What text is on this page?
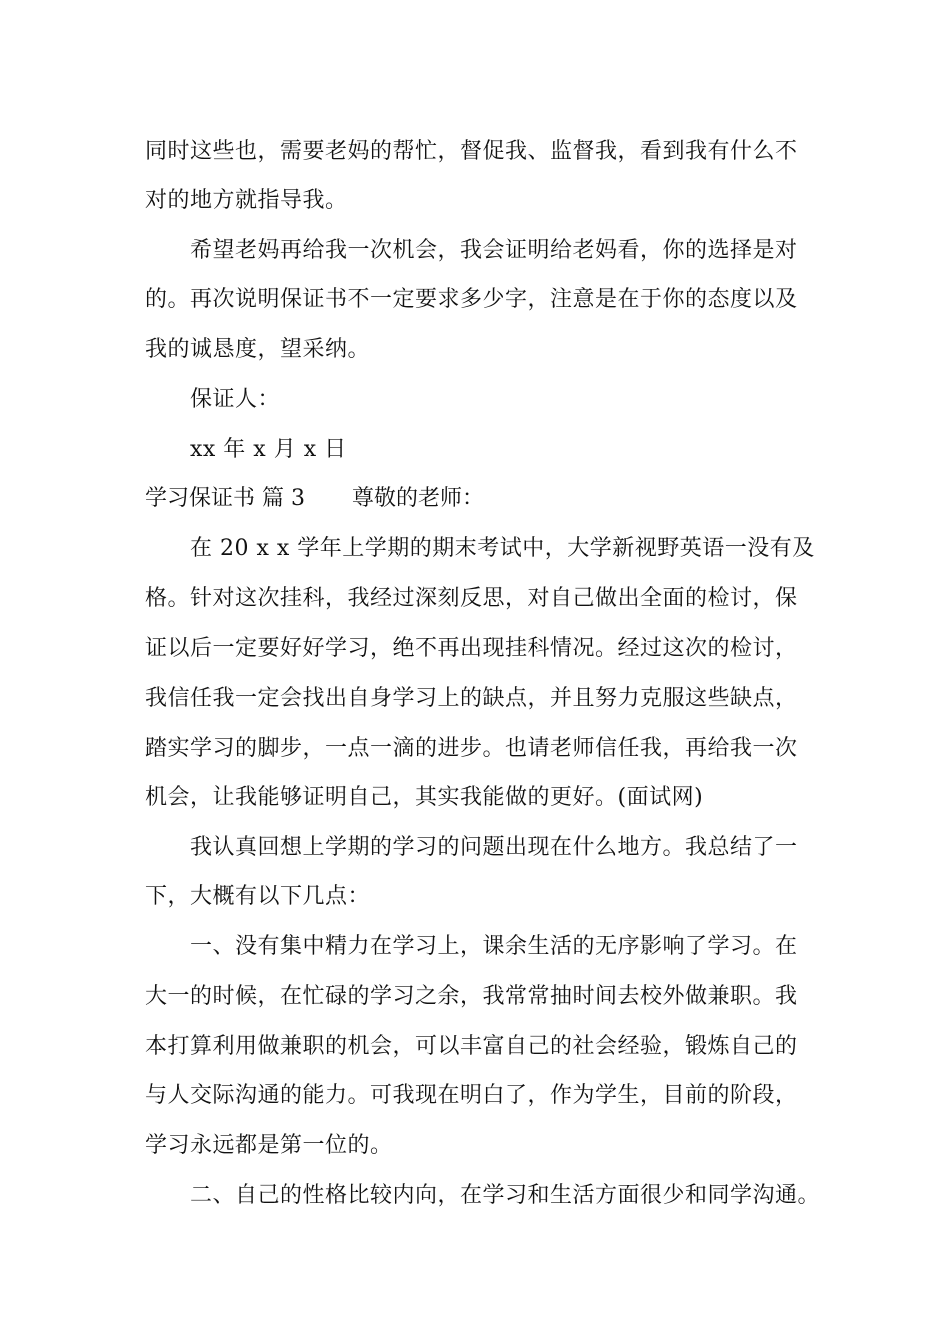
同时这些也，需要老妈的帮忙，督促我、监督我，看到我有什么不
对的地方就指导我。
希望老妈再给我一次机会，我会证明给老妈看，你的选择是对
的。再次说明保证书不一定要求多少字，注意是在于你的态度以及
我的诚恳度，望采纳。
保证人：
xx 年 x 月 x 日
学习保证书 篇 3 尊敬的老师：
在 20 x x 学年上学期的期末考试中，大学新视野英语一没有及
格。针对这次挂科，我经过深刻反思，对自己做出全面的检讨，保
证以后一定要好好学习，绝不再出现挂科情况。经过这次的检讨，
我信任我一定会找出自身学习上的缺点，并且努力克服这些缺点，
踏实学习的脚步，一点一滴的进步。也请老师信任我，再给我一次
机会，让我能够证明自己，其实我能做的更好。(面试网)
我认真回想上学期的学习的问题出现在什么地方。我总结了一
下，大概有以下几点：
一、没有集中精力在学习上，课余生活的无序影响了学习。在
大一的时候，在忙碌的学习之余，我常常抽时间去校外做兼职。我
本打算利用做兼职的机会，可以丰富自己的社会经验，锻炼自己的
与人交际沟通的能力。可我现在明白了，作为学生，目前的阶段，
学习永远都是第一位的。
二、自己的性格比较内向，在学习和生活方面很少和同学沟通。
